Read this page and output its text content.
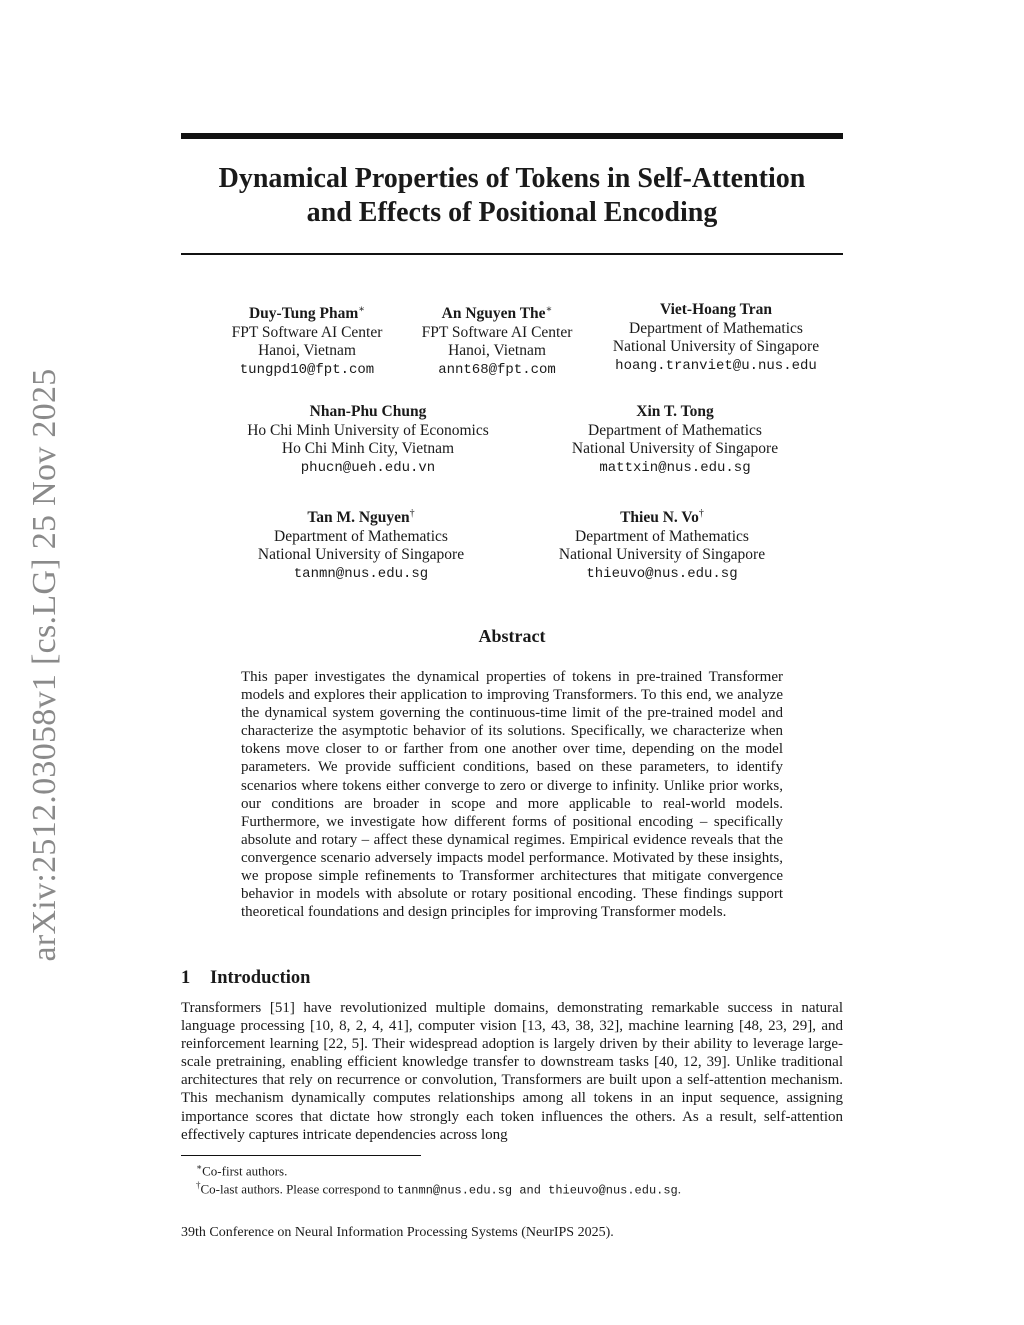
arXiv:2512.03058v1 [cs.LG] 25 Nov 2025
Dynamical Properties of Tokens in Self-Attention
and Effects of Positional Encoding
Duy-Tung Pham∗
FPT Software AI Center
Hanoi, Vietnam
tungpd10@fpt.com
An Nguyen The∗
FPT Software AI Center
Hanoi, Vietnam
annt68@fpt.com
Viet-Hoang Tran
Department of Mathematics
National University of Singapore
hoang.tranviet@u.nus.edu
Nhan-Phu Chung
Ho Chi Minh University of Economics
Ho Chi Minh City, Vietnam
phucn@ueh.edu.vn
Xin T. Tong
Department of Mathematics
National University of Singapore
mattxin@nus.edu.sg
Tan M. Nguyen†
Department of Mathematics
National University of Singapore
tanmn@nus.edu.sg
Thieu N. Vo†
Department of Mathematics
National University of Singapore
thieuvo@nus.edu.sg
Abstract
This paper investigates the dynamical properties of tokens in pre-trained Transformer models and explores their application to improving Transformers. To this end, we analyze the dynamical system governing the continuous-time limit of the pre-trained model and characterize the asymptotic behavior of its solutions. Specifically, we characterize when tokens move closer to or farther from one another over time, depending on the model parameters. We provide sufficient conditions, based on these parameters, to identify scenarios where tokens either converge to zero or diverge to infinity. Unlike prior works, our conditions are broader in scope and more applicable to real-world models. Furthermore, we investigate how different forms of positional encoding – specifically absolute and rotary – affect these dynamical regimes. Empirical evidence reveals that the convergence scenario adversely impacts model performance. Motivated by these insights, we propose simple refinements to Transformer architectures that mitigate convergence behavior in models with absolute or rotary positional encoding. These findings support theoretical foundations and design principles for improving Transformer models.
1 Introduction
Transformers [51] have revolutionized multiple domains, demonstrating remarkable success in natural language processing [10, 8, 2, 4, 41], computer vision [13, 43, 38, 32], machine learning [48, 23, 29], and reinforcement learning [22, 5]. Their widespread adoption is largely driven by their ability to leverage large-scale pretraining, enabling efficient knowledge transfer to downstream tasks [40, 12, 39]. Unlike traditional architectures that rely on recurrence or convolution, Transformers are built upon a self-attention mechanism. This mechanism dynamically computes relationships among all tokens in an input sequence, assigning importance scores that dictate how strongly each token influences the others. As a result, self-attention effectively captures intricate dependencies across long
∗Co-first authors.
†Co-last authors. Please correspond to tanmn@nus.edu.sg and thieuvo@nus.edu.sg.
39th Conference on Neural Information Processing Systems (NeurIPS 2025).
